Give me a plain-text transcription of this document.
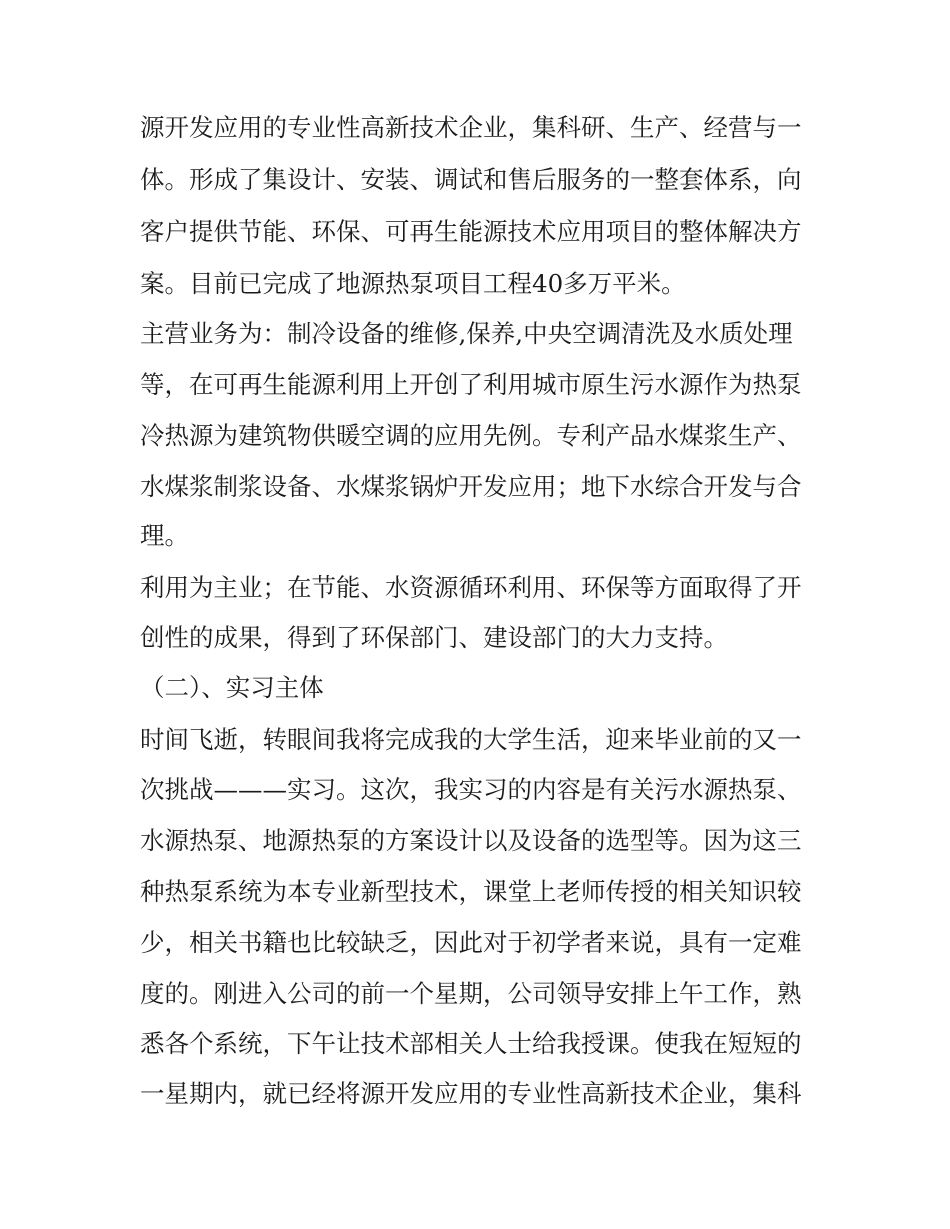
源开发应用的专业性高新技术企业，集科研、生产、经营与一
体。形成了集设计、安装、调试和售后服务的一整套体系，向
客户提供节能、环保、可再生能源技术应用项目的整体解决方
案。目前已完成了地源热泵项目工程40多万平米。
主营业务为：制冷设备的维修,保养,中央空调清洗及水质处理
等，在可再生能源利用上开创了利用城市原生污水源作为热泵
冷热源为建筑物供暖空调的应用先例。专利产品水煤浆生产、
水煤浆制浆设备、水煤浆锅炉开发应用；地下水综合开发与合
理。
利用为主业；在节能、水资源循环利用、环保等方面取得了开
创性的成果，得到了环保部门、建设部门的大力支持。
（二）、实习主体
时间飞逝，转眼间我将完成我的大学生活，迎来毕业前的又一
次挑战———实习。这次，我实习的内容是有关污水源热泵、
水源热泵、地源热泵的方案设计以及设备的选型等。因为这三
种热泵系统为本专业新型技术，课堂上老师传授的相关知识较
少，相关书籍也比较缺乏，因此对于初学者来说，具有一定难
度的。刚进入公司的前一个星期，公司领导安排上午工作，熟
悉各个系统，下午让技术部相关人士给我授课。使我在短短的
一星期内，就已经将源开发应用的专业性高新技术企业，集科
